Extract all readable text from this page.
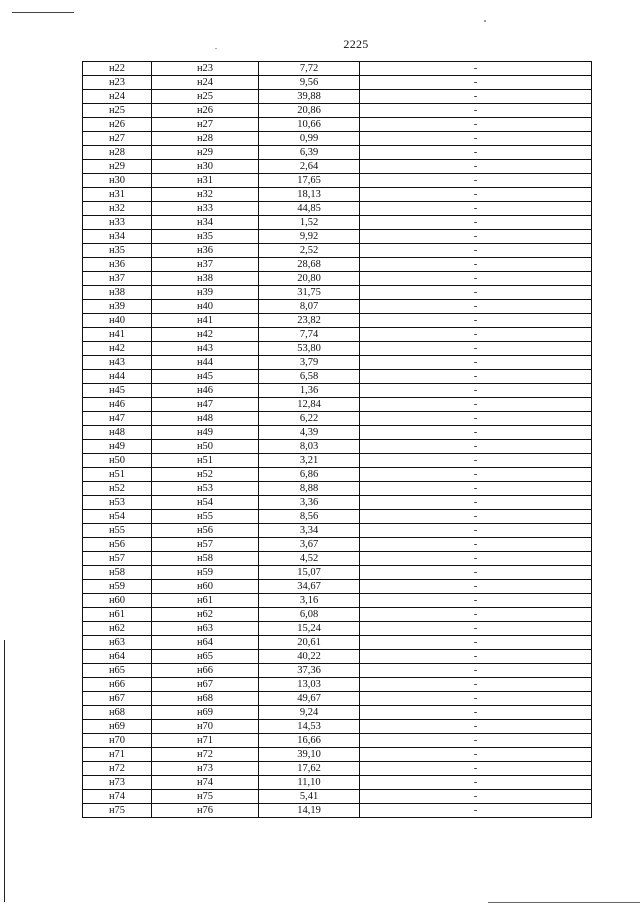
2225
н22	н23	7,72	-
н23	н24	9,56	-
н24	н25	39,88	-
н25	н26	20,86	-
н26	н27	10,66	-
н27	н28	0,99	-
н28	н29	6,39	-
н29	н30	2,64	-
н30	н31	17,65	-
н31	н32	18,13	-
н32	н33	44,85	-
н33	н34	1,52	-
н34	н35	9,92	-
н35	н36	2,52	-
н36	н37	28,68	-
н37	н38	20,80	-
н38	н39	31,75	-
н39	н40	8,07	-
н40	н41	23,82	-
н41	н42	7,74	-
н42	н43	53,80	-
н43	н44	3,79	-
н44	н45	6,58	-
н45	н46	1,36	-
н46	н47	12,84	-
н47	н48	6,22	-
н48	н49	4,39	-
н49	н50	8,03	-
н50	н51	3,21	-
н51	н52	6,86	-
н52	н53	8,88	-
н53	н54	3,36	-
н54	н55	8,56	-
н55	н56	3,34	-
н56	н57	3,67	-
н57	н58	4,52	-
н58	н59	15,07	-
н59	н60	34,67	-
н60	н61	3,16	-
н61	н62	6,08	-
н62	н63	15,24	-
н63	н64	20,61	-
н64	н65	40,22	-
н65	н66	37,36	-
н66	н67	13,03	-
н67	н68	49,67	-
н68	н69	9,24	-
н69	н70	14,53	-
н70	н71	16,66	-
н71	н72	39,10	-
н72	н73	17,62	-
н73	н74	11,10	-
н74	н75	5,41	-
н75	н76	14,19	-
